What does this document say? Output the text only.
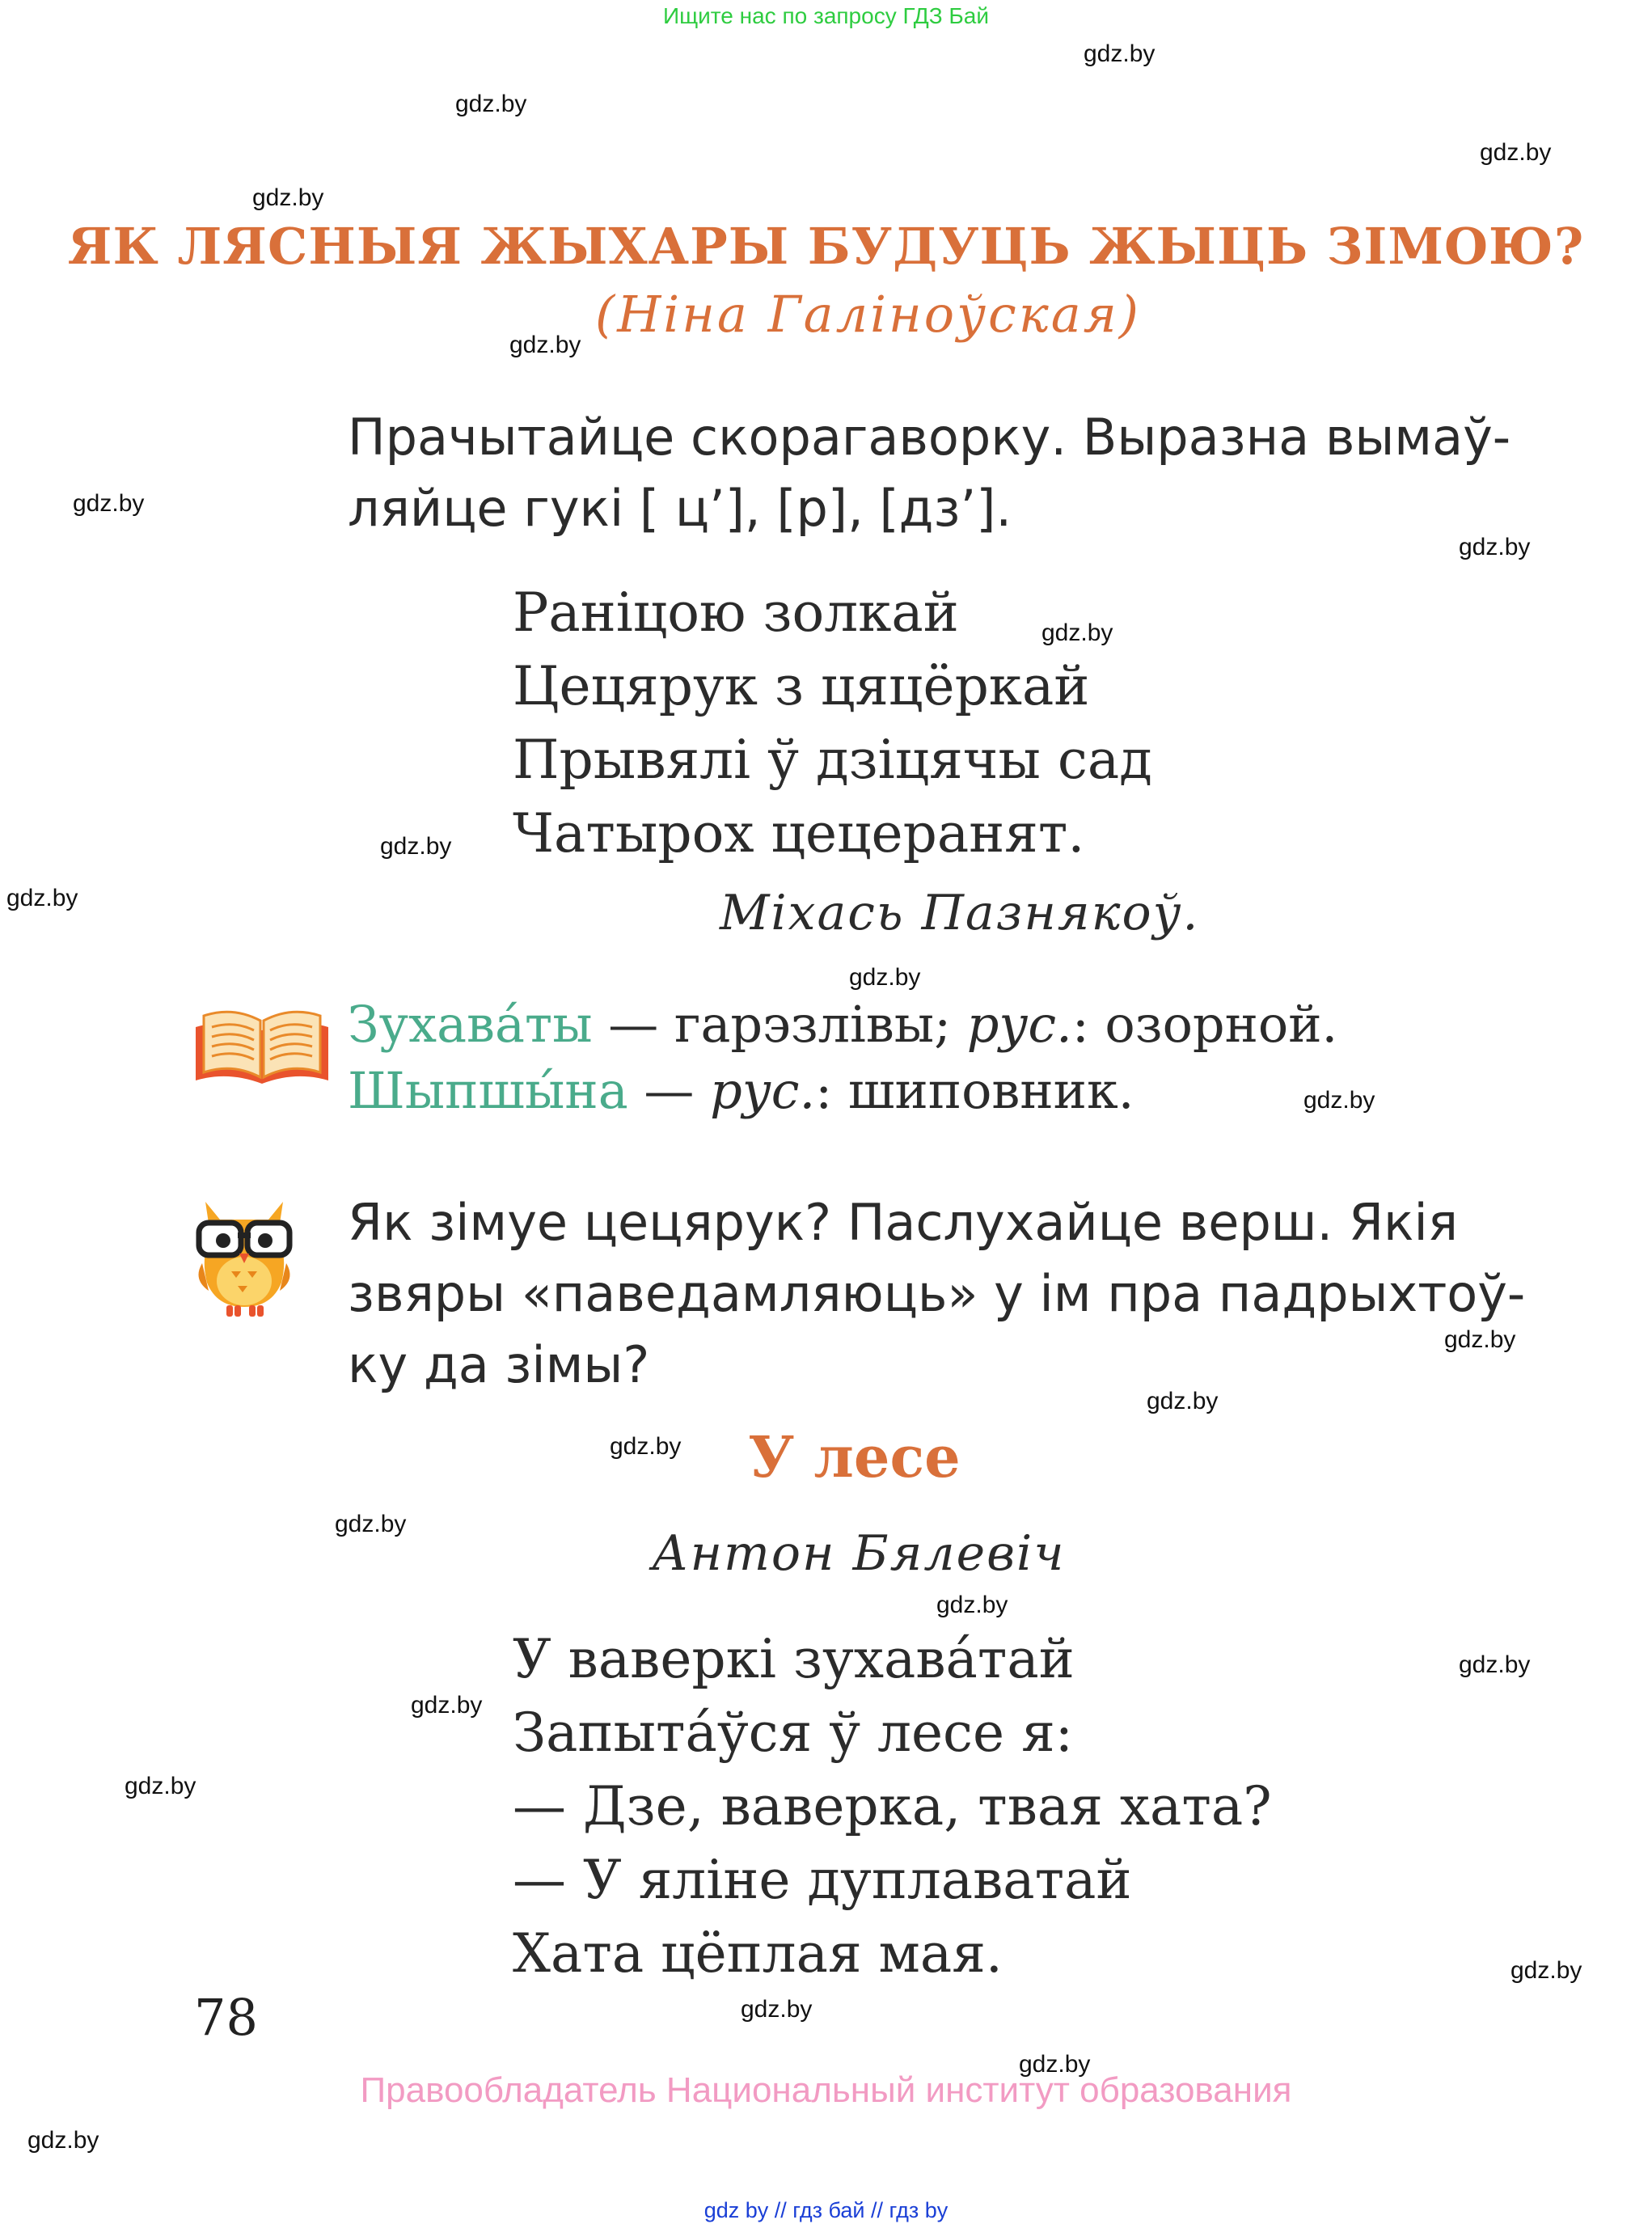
Ищите нас по запросу ГДЗ Бай
gdz.by
gdz.by
gdz.by
gdz.by
gdz.by
gdz.by
gdz.by
gdz.by
gdz.by
gdz.by
gdz.by
gdz.by
gdz.by
gdz.by
gdz.by
gdz.by
gdz.by
gdz.by
gdz.by
gdz.by
gdz.by
gdz.by
gdz.by
gdz.by
ЯК ЛЯСНЫЯ ЖЫХАРЫ БУДУЦЬ ЖЫЦЬ ЗІМОЮ?
(Ніна Галіноўская)
Прачытайце скорагаворку. Выразна вымаў-
ляйце гукі [ ц’], [р], [дз’].
Раніцою золкай
Цецярук з цяцёркай
Прывялі ў дзіцячы сад
Чатырох цецеранят.
Міхась Пазнякоў.
Зухава́ты — гарэзлівы; рус.: озорной.
Шыпшы́на — рус.: шиповник.
Як зімуе цецярук? Паслухайце верш. Якія
звяры «паведамляюць» у ім пра падрыхтоў-
ку да зімы?
У лесе
Антон Бялевіч
У ваверкі зухава́тай
Запыта́ўся ў лесе я:
— Дзе, ваверка, твая хата?
— У яліне дуплаватай
Хата цёплая мая.
78
Правообладатель Национальный институт образования
gdz by // гдз бай // гдз by
